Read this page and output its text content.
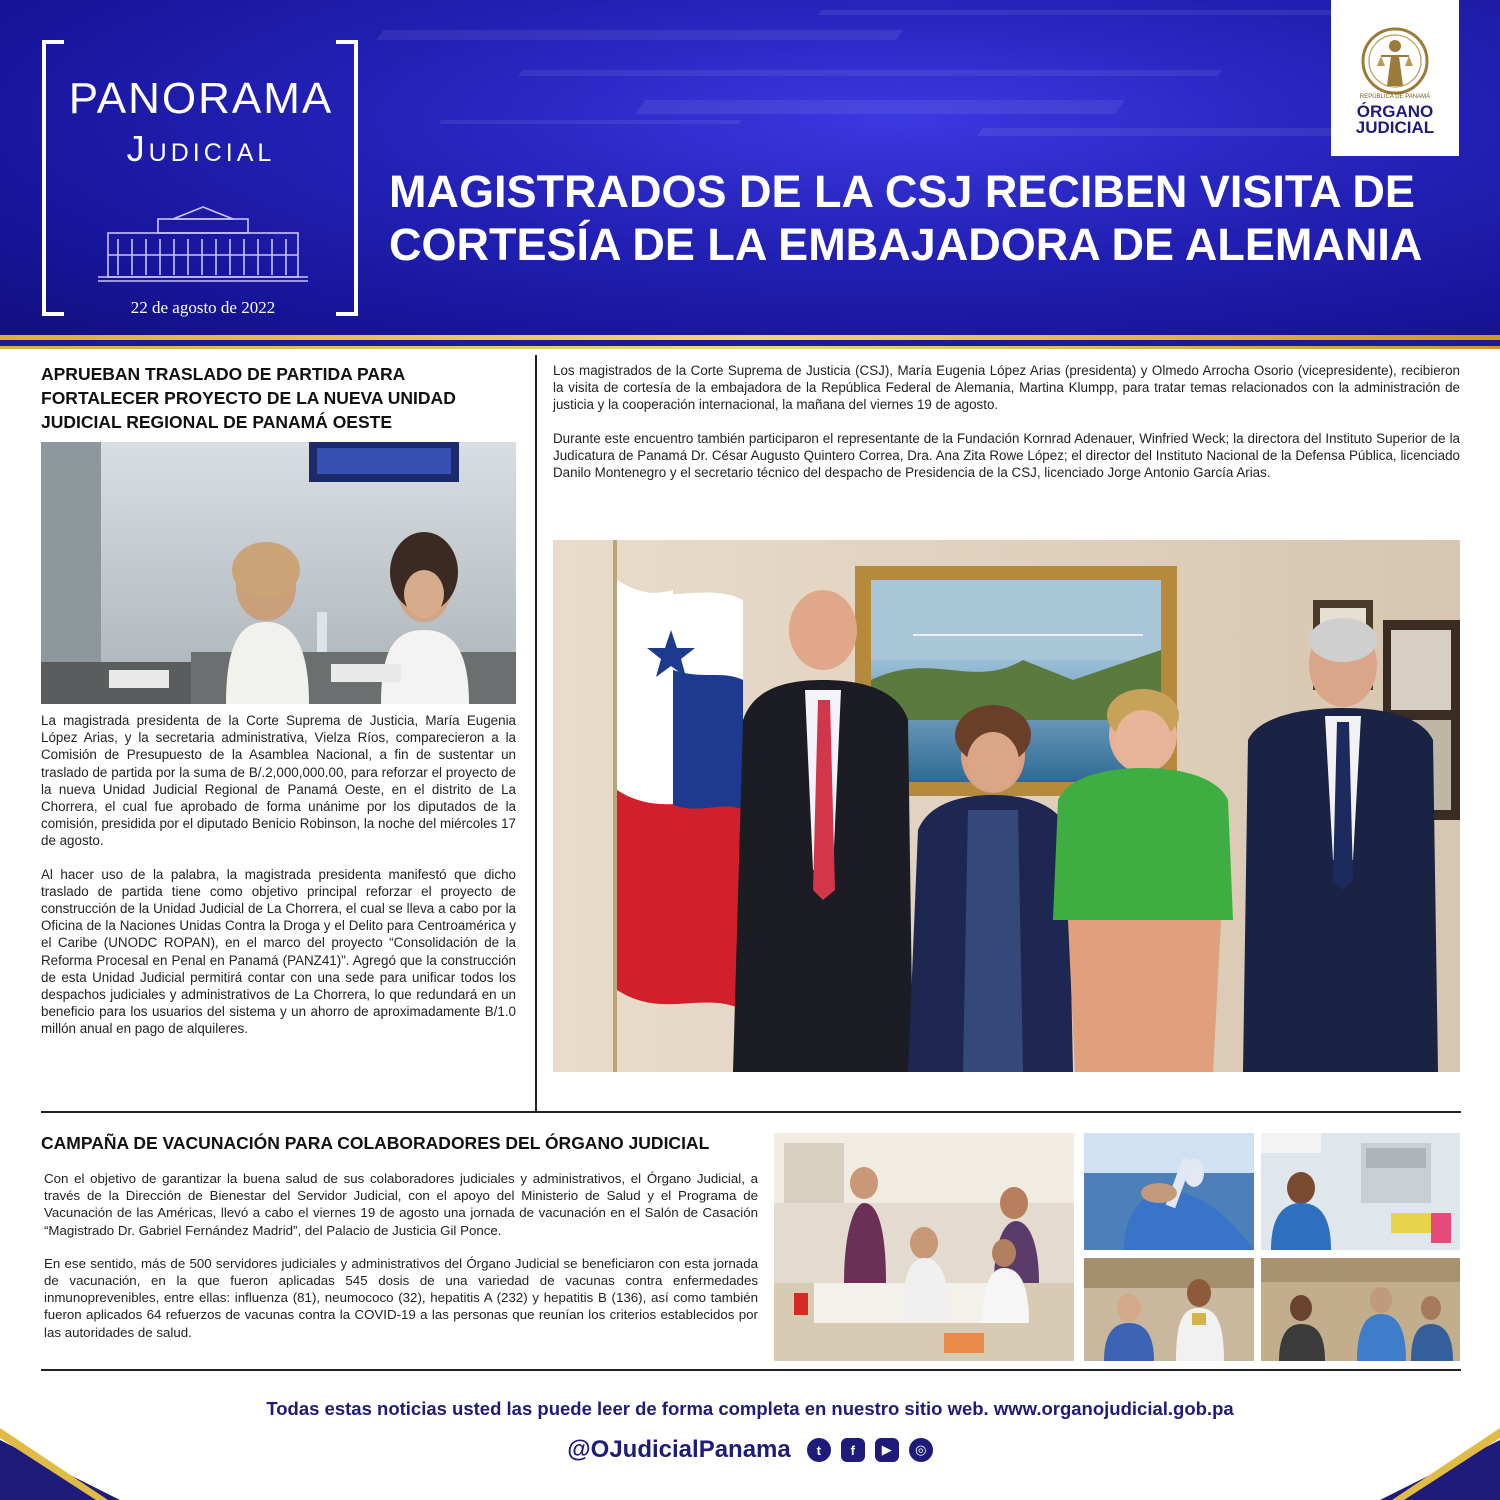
PANORAMA
Judicial
22 de agosto de 2022
MAGISTRADOS DE LA CSJ RECIBEN VISITA DE CORTESÍA DE LA EMBAJADORA DE ALEMANIA
REPÚBLICA DE PANAMÁ
ÓRGANO
JUDICIAL
APRUEBAN TRASLADO DE PARTIDA PARA FORTALECER PROYECTO DE LA NUEVA UNIDAD JUDICIAL REGIONAL DE PANAMÁ OESTE

La magistrada presidenta de la Corte Suprema de Justicia, María Eugenia López Arias, y la secretaria administrativa, Vielza Ríos, comparecieron a la Comisión de Presupuesto de la Asamblea Nacional, a fin de sustentar un traslado de partida por la suma de B/.2,000,000.00, para reforzar el proyecto de la nueva Unidad Judicial Regional de Panamá Oeste, en el distrito de La Chorrera, el cual fue aprobado de forma unánime por los diputados de la comisión, presidida por el diputado Benicio Robinson, la noche del miércoles 17 de agosto.

Al hacer uso de la palabra, la magistrada presidenta manifestó que dicho traslado de partida tiene como objetivo principal reforzar el proyecto de construcción de la Unidad Judicial de La Chorrera, el cual se lleva a cabo por la Oficina de la Naciones Unidas Contra la Droga y el Delito para Centroamérica y el Caribe (UNODC ROPAN), en el marco del proyecto “Consolidación de la Reforma Procesal en Penal en Panamá (PANZ41)”. Agregó que la construcción de esta Unidad Judicial permitirá contar con una sede para unificar todos los despachos judiciales y administrativos de La Chorrera, lo que redundará en un beneficio para los usuarios del sistema y un ahorro de aproximadamente B/1.0 millón anual en pago de alquileres.

Los magistrados de la Corte Suprema de Justicia (CSJ), María Eugenia López Arias (presidenta) y Olmedo Arrocha Osorio (vicepresidente), recibieron la visita de cortesía de la embajadora de la República Federal de Alemania, Martina Klumpp, para tratar temas relacionados con la administración de justicia y la cooperación internacional, la mañana del viernes 19 de agosto.

Durante este encuentro también participaron el representante de la Fundación Kornrad Adenauer, Winfried Weck; la directora del Instituto Superior de la Judicatura de Panamá Dr. César Augusto Quintero Correa, Dra. Ana Zita Rowe López; el director del Instituto Nacional de la Defensa Pública, licenciado Danilo Montenegro y el secretario técnico del despacho de Presidencia de la CSJ, licenciado Jorge Antonio García Arias.

CAMPAÑA DE VACUNACIÓN PARA COLABORADORES DEL ÓRGANO JUDICIAL

Con el objetivo de garantizar la buena salud de sus colaboradores judiciales y administrativos, el Órgano Judicial, a través de la Dirección de Bienestar del Servidor Judicial, con el apoyo del Ministerio de Salud y el Programa de Vacunación de las Américas, llevó a cabo el viernes 19 de agosto una jornada de vacunación en el Salón de Casación “Magistrado Dr. Gabriel Fernández Madrid”, del Palacio de Justicia Gil Ponce.

En ese sentido, más de 500 servidores judiciales y administrativos del Órgano Judicial se beneficiaron con esta jornada de vacunación, en la que fueron aplicadas 545 dosis de una variedad de vacunas contra enfermedades inmunoprevenibles, entre ellas: influenza (81), neumococo (32), hepatitis A (232) y hepatitis B (136), así como también fueron aplicados 64 refuerzos de vacunas contra la COVID-19 a las personas que reunían los criterios establecidos por las autoridades de salud.

Todas estas noticias usted las puede leer de forma completa en nuestro sitio web. www.organojudicial.gob.pa
@OJudicialPanama	t	f	▶	◎
